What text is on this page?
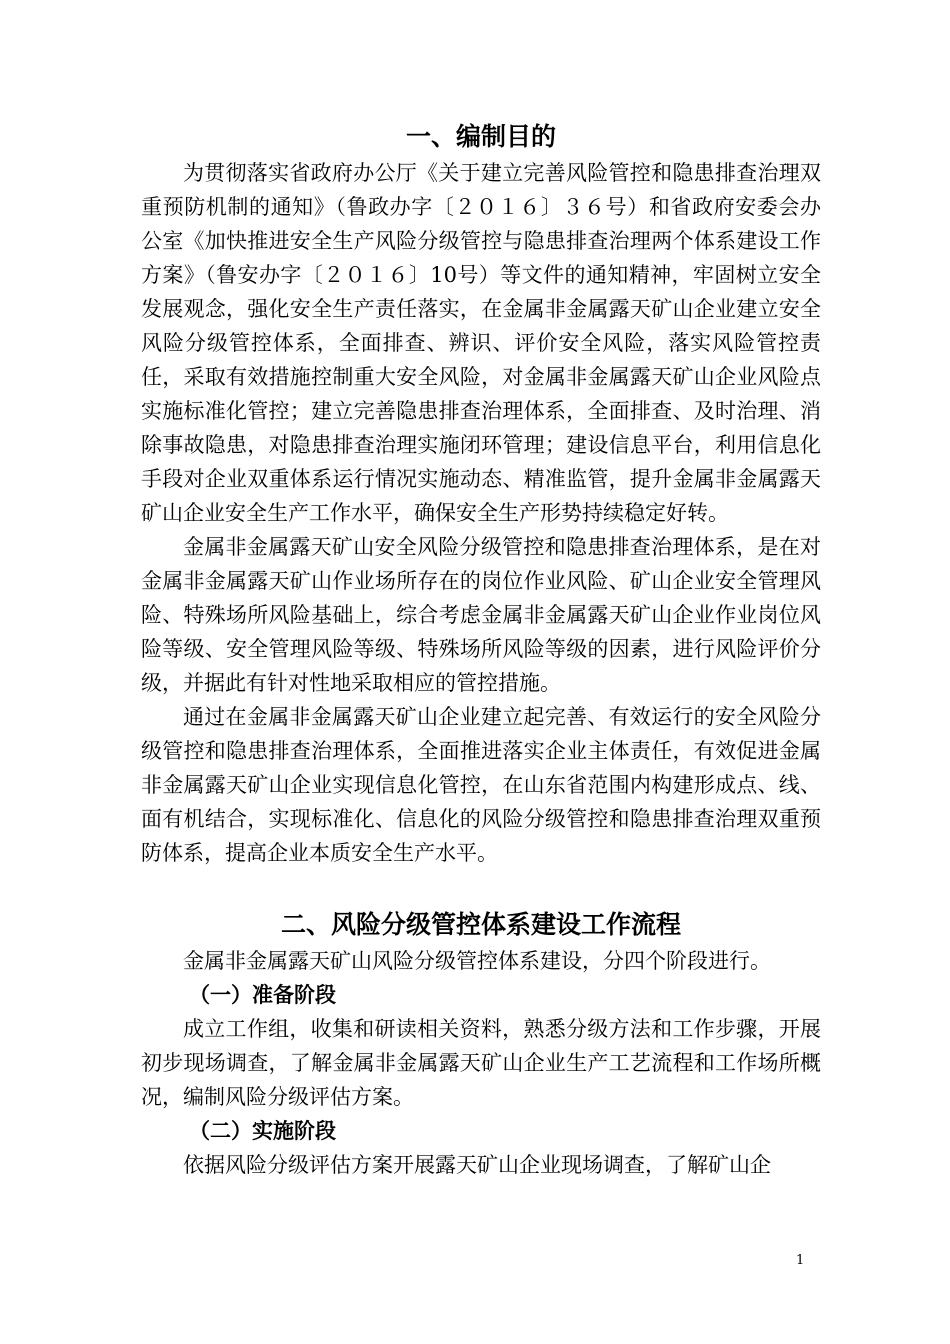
一、编制目的

为贯彻落实省政府办公厅《关于建立完善风险管控和隐患排查治理双重预防机制的通知》（鲁政办字〔２０１６〕３６号）和省政府安委会办公室《加快推进安全生产风险分级管控与隐患排查治理两个体系建设工作方案》（鲁安办字〔２０１６〕10号）等文件的通知精神，牢固树立安全发展观念，强化安全生产责任落实，在金属非金属露天矿山企业建立安全风险分级管控体系，全面排查、辨识、评价安全风险，落实风险管控责任，采取有效措施控制重大安全风险，对金属非金属露天矿山企业风险点实施标准化管控；建立完善隐患排查治理体系，全面排查、及时治理、消除事故隐患，对隐患排查治理实施闭环管理；建设信息平台，利用信息化手段对企业双重体系运行情况实施动态、精准监管，提升金属非金属露天矿山企业安全生产工作水平，确保安全生产形势持续稳定好转。

金属非金属露天矿山安全风险分级管控和隐患排查治理体系，是在对金属非金属露天矿山作业场所存在的岗位作业风险、矿山企业安全管理风险、特殊场所风险基础上，综合考虑金属非金属露天矿山企业作业岗位风险等级、安全管理风险等级、特殊场所风险等级的因素，进行风险评价分级，并据此有针对性地采取相应的管控措施。

通过在金属非金属露天矿山企业建立起完善、有效运行的安全风险分级管控和隐患排查治理体系，全面推进落实企业主体责任，有效促进金属非金属露天矿山企业实现信息化管控，在山东省范围内构建形成点、线、面有机结合，实现标准化、信息化的风险分级管控和隐患排查治理双重预防体系，提高企业本质安全生产水平。

二、风险分级管控体系建设工作流程

金属非金属露天矿山风险分级管控体系建设，分四个阶段进行。

（一）准备阶段

成立工作组，收集和研读相关资料，熟悉分级方法和工作步骤，开展初步现场调查，了解金属非金属露天矿山企业生产工艺流程和工作场所概况，编制风险分级评估方案。

（二）实施阶段

依据风险分级评估方案开展露天矿山企业现场调查，了解矿山企

1
